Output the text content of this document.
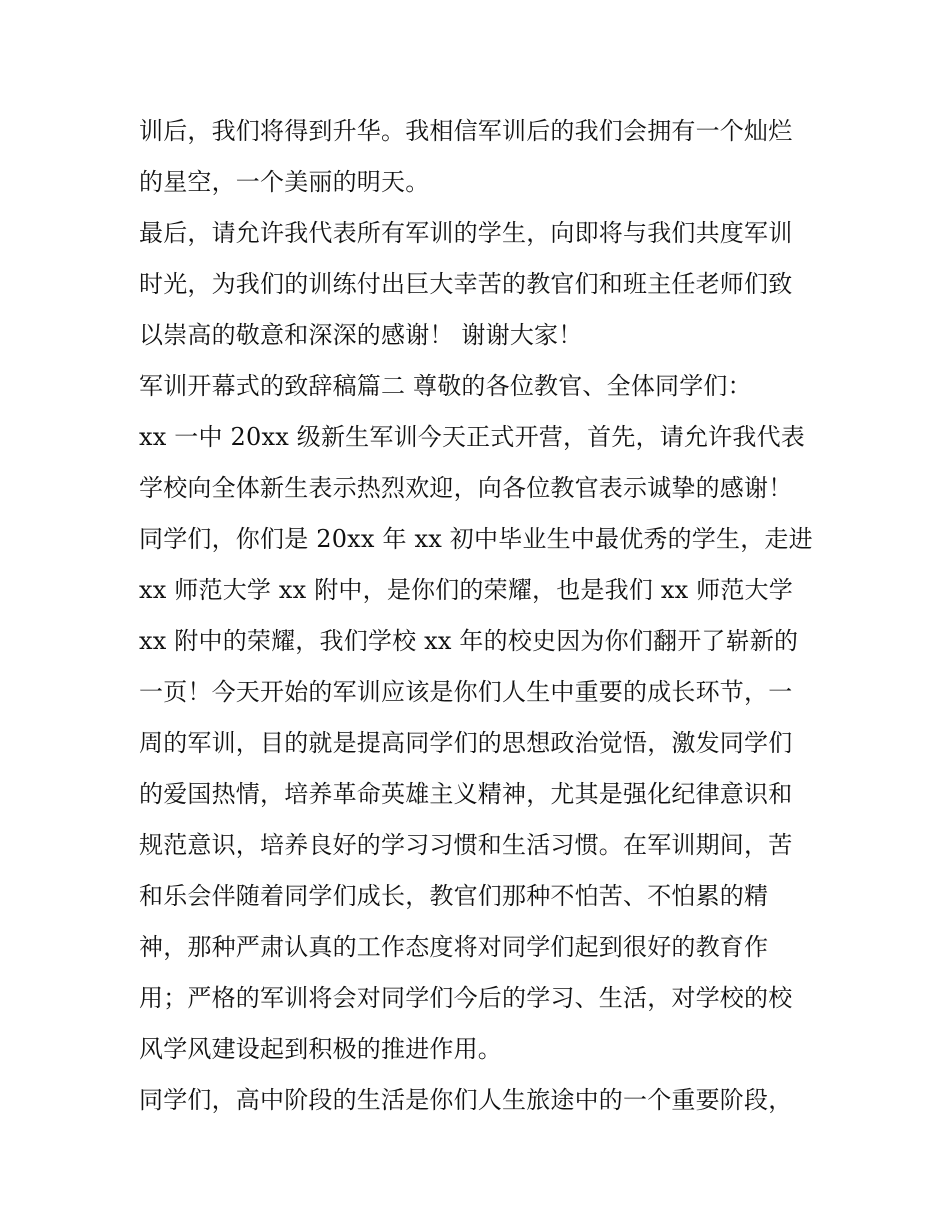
训后，我们将得到升华。我相信军训后的我们会拥有一个灿烂
的星空，一个美丽的明天。
最后，请允许我代表所有军训的学生，向即将与我们共度军训
时光，为我们的训练付出巨大幸苦的教官们和班主任老师们致
以崇高的敬意和深深的感谢！ 谢谢大家！
军训开幕式的致辞稿篇二 尊敬的各位教官、全体同学们：
xx 一中 20xx 级新生军训今天正式开营，首先，请允许我代表
学校向全体新生表示热烈欢迎，向各位教官表示诚挚的感谢！
同学们，你们是 20xx 年 xx 初中毕业生中最优秀的学生，走进
xx 师范大学 xx 附中，是你们的荣耀，也是我们 xx 师范大学
xx 附中的荣耀，我们学校 xx 年的校史因为你们翻开了崭新的
一页！今天开始的军训应该是你们人生中重要的成长环节，一
周的军训，目的就是提高同学们的思想政治觉悟，激发同学们
的爱国热情，培养革命英雄主义精神，尤其是强化纪律意识和
规范意识，培养良好的学习习惯和生活习惯。在军训期间，苦
和乐会伴随着同学们成长，教官们那种不怕苦、不怕累的精
神，那种严肃认真的工作态度将对同学们起到很好的教育作
用；严格的军训将会对同学们今后的学习、生活，对学校的校
风学风建设起到积极的推进作用。
同学们，高中阶段的生活是你们人生旅途中的一个重要阶段，
